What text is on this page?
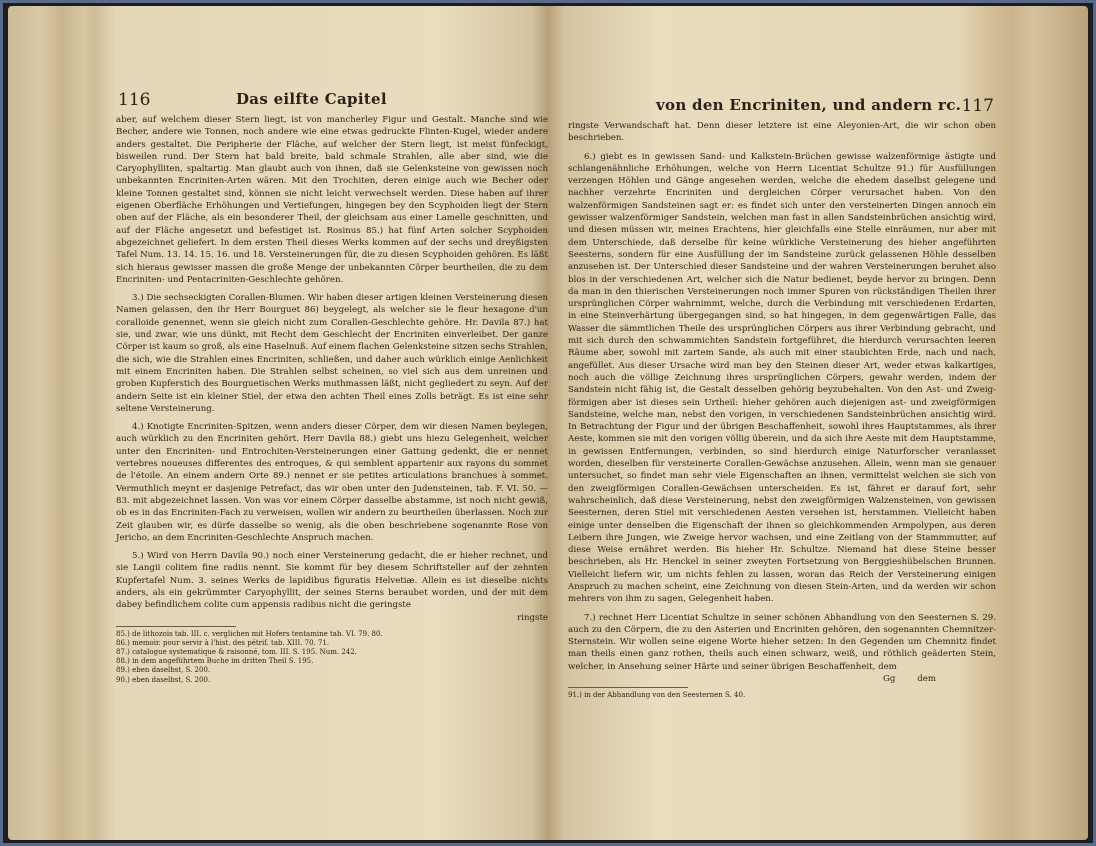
116	Das eilfte Capitel

aber, auf welchem dieser Stern liegt, ist von mancherley Figur und Gestalt. Manche sind wie Becher, andere wie Tonnen, noch andere wie eine etwas gedruckte Flinten-Kugel, wieder andere anders gestaltet. Die Peripherie der Fläche, auf welcher der Stern liegt, ist meist fünfeckigt, bisweilen rund. Der Stern hat bald breite, bald schmale Strahlen, alle aber sind, wie die Caryophylliten, spaltartig. Man glaubt auch von ihnen, daß sie Gelenksteine von gewissen noch unbekannten Encriniten-Arten wären. Mit den Trochiten, deren einige auch wie Becher oder kleine Tonnen gestaltet sind, können sie nicht leicht verwechselt werden. Diese haben auf ihrer eigenen Oberfläche Erhöhungen und Vertiefungen, hingegen bey den Scyphoiden liegt der Stern oben auf der Fläche, als ein besonderer Theil, der gleichsam aus einer Lamelle geschnitten, und auf der Fläche angesetzt und befestiget ist. Rosinus 85.) hat fünf Arten solcher Scyphoiden abgezeichnet geliefert. In dem ersten Theil dieses Werks kommen auf der sechs und dreyßigsten Tafel Num. 13. 14. 15. 16. und 18. Versteinerungen für, die zu diesen Scyphoiden gehören. Es läßt sich hieraus gewisser massen die große Menge der unbekannten Cörper beurtheilen, die zu dem Encriniten- und Pentacriniten-Geschlechte gehören.

3.) Die sechseckigten Corallen-Blumen. Wir haben dieser artigen kleinen Versteinerung diesen Namen gelassen, den ihr Herr Bourguet 86) beygelegt, als welcher sie le fleur hexagone d'un coralloide genennet, wenn sie gleich nicht zum Corallen-Geschlechte gehöre. Hr. Davila 87.) hat sie, und zwar, wie uns dünkt, mit Recht dem Geschlecht der Encriniten einverleibet. Der ganze Cörper ist kaum so groß, als eine Haselnuß. Auf einem flachen Gelenksteine sitzen sechs Strahlen, die sich, wie die Strahlen eines Encriniten, schließen, und daher auch würklich einige Aenlichkeit mit einem Encriniten haben. Die Strahlen selbst scheinen, so viel sich aus dem unreinen und groben Kupferstich des Bourguetischen Werks muthmassen läßt, nicht gegliedert zu seyn. Auf der andern Seite ist ein kleiner Stiel, der etwa den achten Theil eines Zolls beträgt. Es ist eine sehr seltene Versteinerung.

4.) Knotigte Encriniten-Spitzen, wenn anders dieser Cörper, dem wir diesen Namen beylegen, auch würklich zu den Encriniten gehört. Herr Davila 88.) giebt uns hiezu Gelegenheit, welcher unter den Encriniten- und Entrochiten-Versteinerungen einer Gattung gedenkt, die er nennet vertebres noueuses differentes des entroques, & qui semblent appartenir aux rayons du sommet de l'étoile. An einem andern Orte 89.) nennet er sie petites articulations branchues à sommet. Vermuthlich meynt er dasjenige Petrefact, das wir oben unter den Judensteinen, tab. F. VI. 50. — 83. mit abgezeichnet lassen. Von was vor einem Cörper dasselbe abstamme, ist noch nicht gewiß, ob es in das Encriniten-Fach zu verweisen, wollen wir andern zu beurtheilen überlassen. Noch zur Zeit glauben wir, es dürfe dasselbe so wenig, als die oben beschriebene sogenannte Rose von Jericho, an dem Encriniten-Geschlechte Anspruch machen.

5.) Wird von Herrn Davila 90.) noch einer Versteinerung gedacht, die er hieher rechnet, und sie Langii colitem fine radiis nennt. Sie kommt für bey diesem Schriftsteller auf der zehnten Kupfertafel Num. 3. seines Werks de lapidibus figuratis Helvetiæ. Allein es ist dieselbe nichts anders, als ein gekrümmter Caryophyllit, der seines Sterns beraubet worden, und der mit dem dabey befindlichem colite cum appensis radibus nicht die geringste

ringste
85.) de lithozois tab. III. c. verglichen mit Hofers tentamine tab. VI. 79. 80.
86.) memoir. pour servir à l'hist. des pétrif. tab. XIII. 70. 71.
87.) catalogue systematique & raisonné, tom. III. S. 195. Num. 242.
88.) in dem angeführtem Buche im dritten Theil S. 195.
89.) eben daselbst, S. 200.
90.) eben daselbst, S. 200.
von den Encriniten, und andern rc. 117

ringste Verwandschaft hat. Denn dieser letztere ist eine Aleyonien-Art, die wir schon oben beschrieben.

6.) giebt es in gewissen Sand- und Kalkstein-Brüchen gewisse walzenförmige ästigte und schlangenähnliche Erhöhungen, welche von Herrn Licentiat Schultze 91.) für Ausfüllungen verzengen Höhlen und Gänge angesehen werden, welche die ehedem daselbst gelegene und nachher verzehrte Encriniten und dergleichen Cörper verursachet haben. Von den walzenförmigen Sandsteinen sagt er: es findet sich unter den versteinerten Dingen annoch ein gewisser walzenförmiger Sandstein, welchen man fast in allen Sandsteinbrüchen ansichtig wird, und diesen müssen wir, meines Erachtens, hier gleichfalls eine Stelle einräumen, nur aber mit dem Unterschiede, daß derselbe für keine würkliche Versteinerung des hieher angeführten Seesterns, sondern für eine Ausfüllung der im Sandsteine zurück gelassenen Höhle desselben anzusehen ist. Der Unterschied dieser Sandsteine und der wahren Versteinerungen beruhet also blos in der verschiedenen Art, welcher sich die Natur bedienet, beyde hervor zu bringen. Denn da man in den thierischen Versteinerungen noch immer Spuren von rückständigen Theilen ihrer ursprünglichen Cörper wahrnimmt, welche, durch die Verbindung mit verschiedenen Erdarten, in eine Steinverhärtung übergegangen sind, so hat hingegen, in dem gegenwärtigen Falle, das Wasser die sämmtlichen Theile des ursprünglichen Cörpers aus ihrer Verbindung gebracht, und mit sich durch den schwammichten Sandstein fortgeführet, die hierdurch verursachten leeren Räume aber, sowohl mit zartem Sande, als auch mit einer staubichten Erde, nach und nach, angefüllet. Aus dieser Ursache wird man bey den Steinen dieser Art, weder etwas kalkartiges, noch auch die völlige Zeichnung ihres ursprünglichen Cörpers, gewahr werden, indem der Sandstein nicht fähig ist, die Gestalt desselben gehörig beyzubehalten. Von den Ast- und Zweig-förmigen aber ist dieses sein Urtheil: hieher gehören auch diejenigen ast- und zweigförmigen Sandsteine, welche man, nebst den vorigen, in verschiedenen Sandsteinbrüchen ansichtig wird. In Betrachtung der Figur und der übrigen Beschaffenheit, sowohl ihres Hauptstammes, als ihrer Aeste, kommen sie mit den vorigen völlig überein, und da sich ihre Aeste mit dem Hauptstamme, in gewissen Entfernungen, verbinden, so sind hierdurch einige Naturforscher veranlasset worden, dieselben für versteinerte Corallen-Gewächse anzusehen. Allein, wenn man sie genauer untersuchet, so findet man sehr viele Eigenschaften an ihnen, vermittelst welchen sie sich von den zweigförmigen Corallen-Gewächsen unterscheiden. Es ist, fähret er darauf fort, sehr wahrscheinlich, daß diese Versteinerung, nebst den zweigförmigen Walzensteinen, von gewissen Seesternen, deren Stiel mit verschiedenen Aesten versehen ist, herstammen. Vielleicht haben einige unter denselben die Eigenschaft der ihnen so gleichkommenden Armpolypen, aus deren Leibern ihre Jungen, wie Zweige hervor wachsen, und eine Zeitlang von der Stammmutter, auf diese Weise ernähret werden. Bis hieher Hr. Schultze. Niemand hat diese Steine besser beschrieben, als Hr. Henckel in seiner zweyten Fortsetzung von Berggieshübelschen Brunnen. Vielleicht liefern wir, um nichts fehlen zu lassen, woran das Reich der Versteinerung einigen Anspruch zu machen scheint, eine Zeichnung von diesen Stein-Arten, und da werden wir schon mehrers von ihm zu sagen, Gelegenheit haben.

7.) rechnet Herr Licentiat Schultze in seiner schönen Abhandlung von den Seesternen S. 29. auch zu den Cörpern, die zu den Asterien und Encriniten gehören, den sogenannten Chemnitzer-Sternstein. Wir wollen seine eigene Worte hieher setzen: In den Gegenden um Chemnitz findet man theils einen ganz rothen, theils auch einen schwarz, weiß, und röthlich geäderten Stein, welcher, in Ansehung seiner Härte und seiner übrigen Beschaffenheit, dem

Gg	dem
91.) in der Abhandlung von den Seesternen S. 40.
